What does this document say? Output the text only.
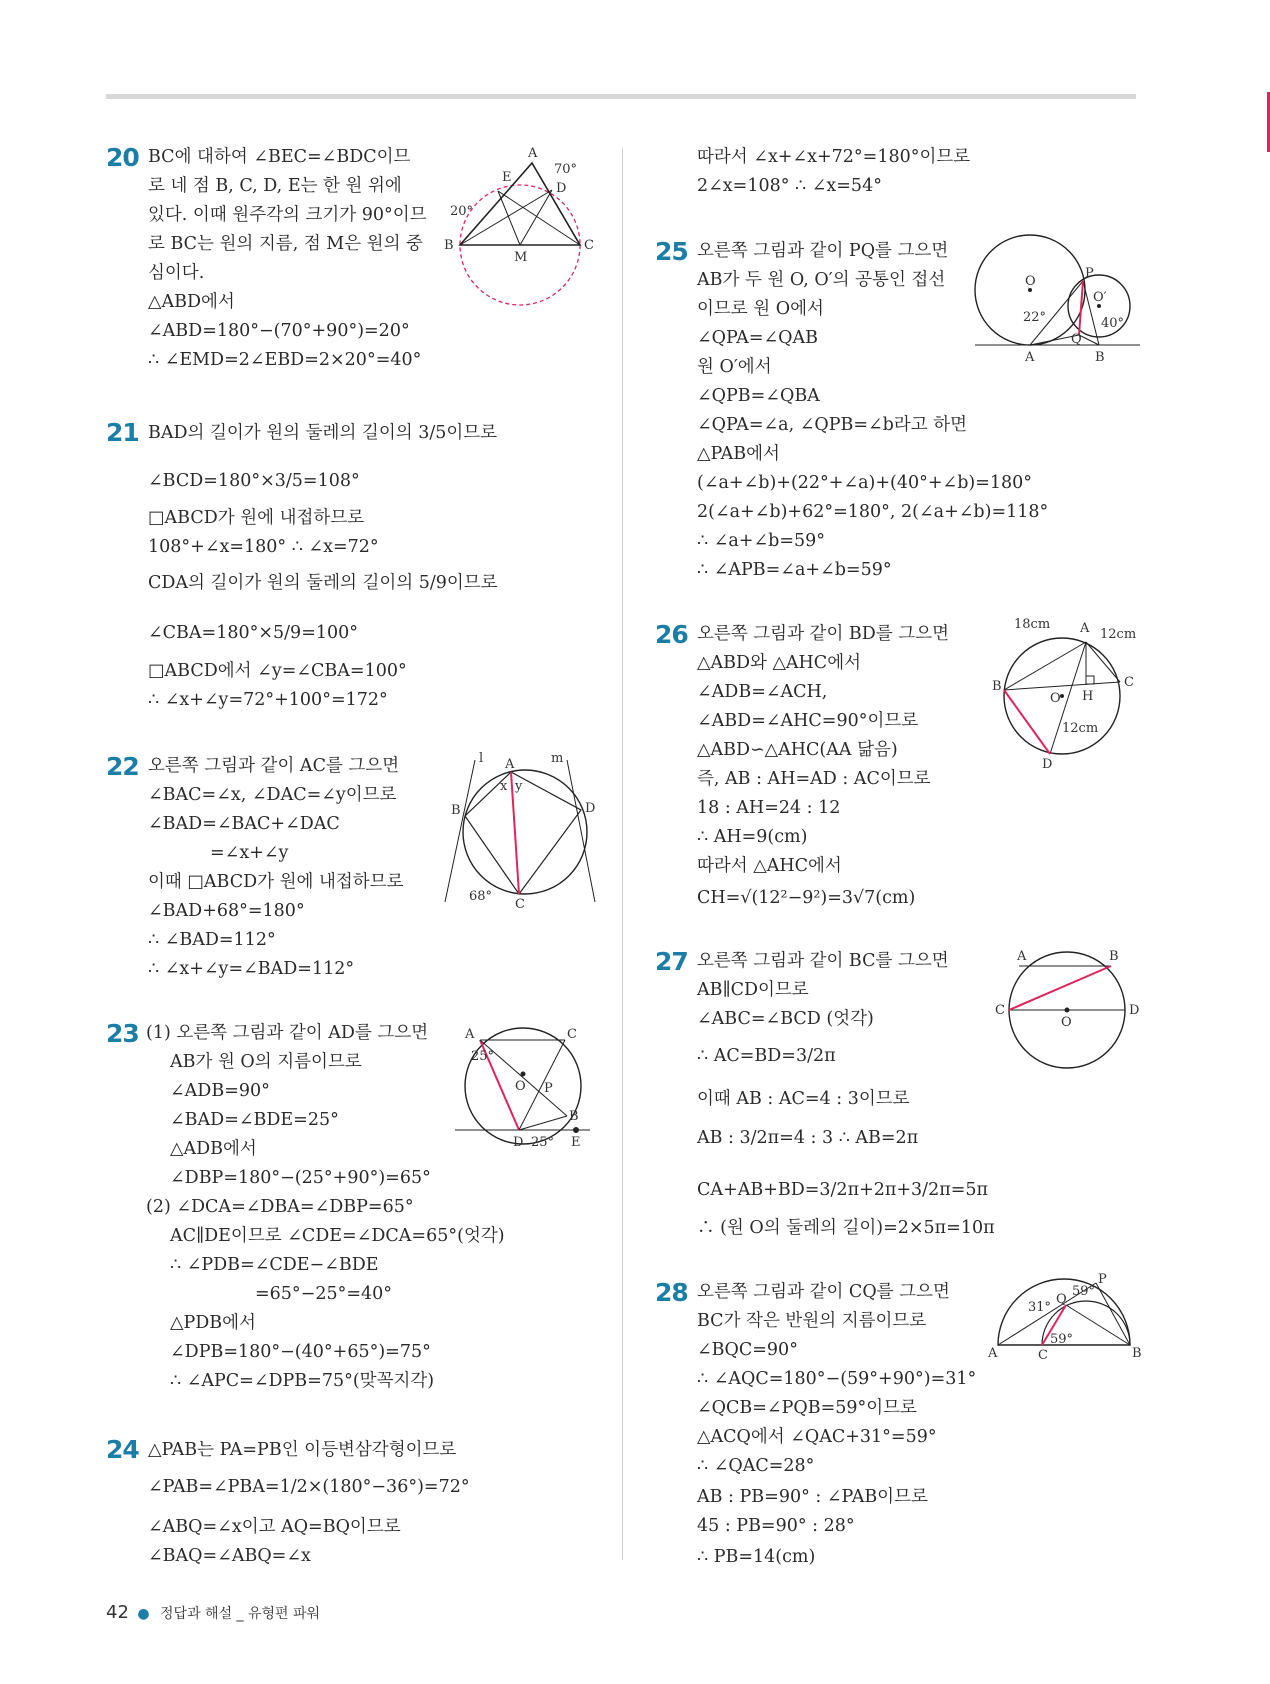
20 BC에 대하여 ∠BEC=∠BDC이므
로 네 점 B, C, D, E는 한 원 위에
있다. 이때 원주각의 크기가 90°이므
로 BC는 원의 지름, 점 M은 원의 중
심이다.
△ABD에서
∠ABD=180°−(70°+90°)=20°
∴ ∠EMD=2∠EBD=2×20°=40°
A
E
D
B	C
M
70°
20°
21 BAD의 길이가 원의 둘레의 길이의 3/5이므로
∠BCD=180°×3/5=108°
□ABCD가 원에 내접하므로
108°+∠x=180° ∴ ∠x=72°
CDA의 길이가 원의 둘레의 길이의 5/9이므로
∠CBA=180°×5/9=100°
□ABCD에서 ∠y=∠CBA=100°
∴ ∠x+∠y=72°+100°=172°
22 오른쪽 그림과 같이 AC를 그으면
∠BAC=∠x, ∠DAC=∠y이므로
∠BAD=∠BAC+∠DAC
=∠x+∠y
이때 □ABCD가 원에 내접하므로
∠BAD+68°=180°
∴ ∠BAD=112°
∴ ∠x+∠y=∠BAD=112°
l	m
A
B
C
D
x y
68°
23 (1) 오른쪽 그림과 같이 AD를 그으면
AB가 원 O의 지름이므로
∠ADB=90°
∠BAD=∠BDE=25°
△ADB에서
∠DBP=180°−(25°+90°)=65°
(2) ∠DCA=∠DBA=∠DBP=65°
AC∥DE이므로 ∠CDE=∠DCA=65°(엇각)
∴ ∠PDB=∠CDE−∠BDE
=65°−25°=40°
△PDB에서
∠DPB=180°−(40°+65°)=75°
∴ ∠APC=∠DPB=75°(맞꼭지각)
A	C
O P
B
D	E
25°
25°
24 △PAB는 PA=PB인 이등변삼각형이므로
∠PAB=∠PBA=1/2×(180°−36°)=72°
∠ABQ=∠x이고 AQ=BQ이므로
∠BAQ=∠ABQ=∠x
따라서 ∠x+∠x+72°=180°이므로
2∠x=108° ∴ ∠x=54°
25 오른쪽 그림과 같이 PQ를 그으면
AB가 두 원 O, O′의 공통인 접선
이므로 원 O에서
∠QPA=∠QAB
원 O′에서
∠QPB=∠QBA
∠QPA=∠a, ∠QPB=∠b라고 하면
△PAB에서
(∠a+∠b)+(22°+∠a)+(40°+∠b)=180°
2(∠a+∠b)+62°=180°, 2(∠a+∠b)=118°
∴ ∠a+∠b=59°
∴ ∠APB=∠a+∠b=59°
O
O′
P
Q
A	B
22°	40°
26 오른쪽 그림과 같이 BD를 그으면
△ABD와 △AHC에서
∠ADB=∠ACH,
∠ABD=∠AHC=90°이므로
△ABD∽△AHC(AA 닮음)
즉, AB : AH=AD : AC이므로
18 : AH=24 : 12
∴ AH=9(cm)
따라서 △AHC에서
CH=√(12²−9²)=3√7(cm)
18cm
12cm
12cm
A
B	C
O H
D
27 오른쪽 그림과 같이 BC를 그으면
AB∥CD이므로
∠ABC=∠BCD (엇각)
∴ AC=BD=3/2π
이때 AB : AC=4 : 3이므로
AB : 3/2π=4 : 3 ∴ AB=2π
CA+AB+BD=3/2π+2π+3/2π=5π
∴ (원 O의 둘레의 길이)=2×5π=10π
A	B
C	D
O
28 오른쪽 그림과 같이 CQ를 그으면
BC가 작은 반원의 지름이므로
∠BQC=90°
∴ ∠AQC=180°−(59°+90°)=31°
∠QCB=∠PQB=59°이므로
△ACQ에서 ∠QAC+31°=59°
∴ ∠QAC=28°
AB : PB=90° : ∠PAB이므로
45 : PB=90° : 28°
∴ PB=14(cm)
A	B
C
P
Q
31°
59°
59°
42 ● 정답과 해설 _ 유형편 파워
